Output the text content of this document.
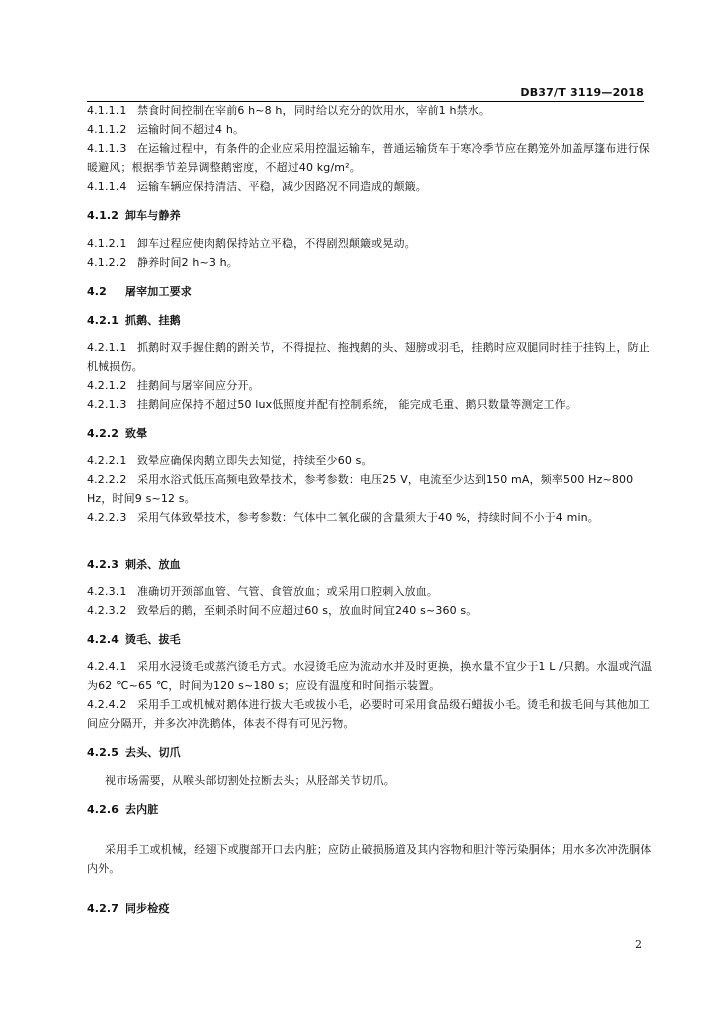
DB37/T 3119—2018

4.1.1.1 禁食时间控制在宰前6 h~8 h，同时给以充分的饮用水，宰前1 h禁水。

4.1.1.2 运输时间不超过4 h。

4.1.1.3 在运输过程中，有条件的企业应采用控温运输车，普通运输货车于寒冷季节应在鹅笼外加盖厚篷布进行保暖避风；根据季节差异调整鹅密度，不超过40 kg/m²。

4.1.1.4 运输车辆应保持清洁、平稳，减少因路况不同造成的颠簸。

4.1.2 卸车与静养

4.1.2.1 卸车过程应使肉鹅保持站立平稳，不得剧烈颠簸或晃动。

4.1.2.2 静养时间2 h~3 h。

4.2 屠宰加工要求
4.2.1 抓鹅、挂鹅

4.2.1.1 抓鹅时双手握住鹅的跗关节，不得提拉、拖拽鹅的头、翅膀或羽毛，挂鹅时应双腿同时挂于挂钩上，防止机械损伤。

4.2.1.2 挂鹅间与屠宰间应分开。

4.2.1.3 挂鹅间应保持不超过50 lux低照度并配有控制系统， 能完成毛重、鹅只数量等测定工作。

4.2.2 致晕

4.2.2.1 致晕应确保肉鹅立即失去知觉，持续至少60 s。

4.2.2.2 采用水浴式低压高频电致晕技术，参考参数：电压25 V，电流至少达到150 mA，频率500 Hz~800 Hz，时间9 s~12 s。

4.2.2.3 采用气体致晕技术，参考参数：气体中二氧化碳的含量须大于40 %，持续时间不小于4 min。

4.2.3 刺杀、放血

4.2.3.1 准确切开颈部血管、气管、食管放血；或采用口腔刺入放血。

4.2.3.2 致晕后的鹅，至刺杀时间不应超过60 s，放血时间宜240 s~360 s。

4.2.4 烫毛、拔毛

4.2.4.1 采用水浸烫毛或蒸汽烫毛方式。水浸烫毛应为流动水并及时更换，换水量不宜少于1 L /只鹅。水温或汽温为62 ℃~65 ℃，时间为120 s~180 s；应设有温度和时间指示装置。

4.2.4.2 采用手工或机械对鹅体进行拔大毛或拔小毛，必要时可采用食品级石蜡拔小毛。烫毛和拔毛间与其他加工间应分隔开，并多次冲洗鹅体，体表不得有可见污物。

4.2.5 去头、切爪

视市场需要，从喉头部切割处拉断去头；从胫部关节切爪。

4.2.6 去内脏

采用手工或机械，经翅下或腹部开口去内脏；应防止破损肠道及其内容物和胆汁等污染胴体；用水多次冲洗胴体内外。

4.2.7 同步检疫
2
